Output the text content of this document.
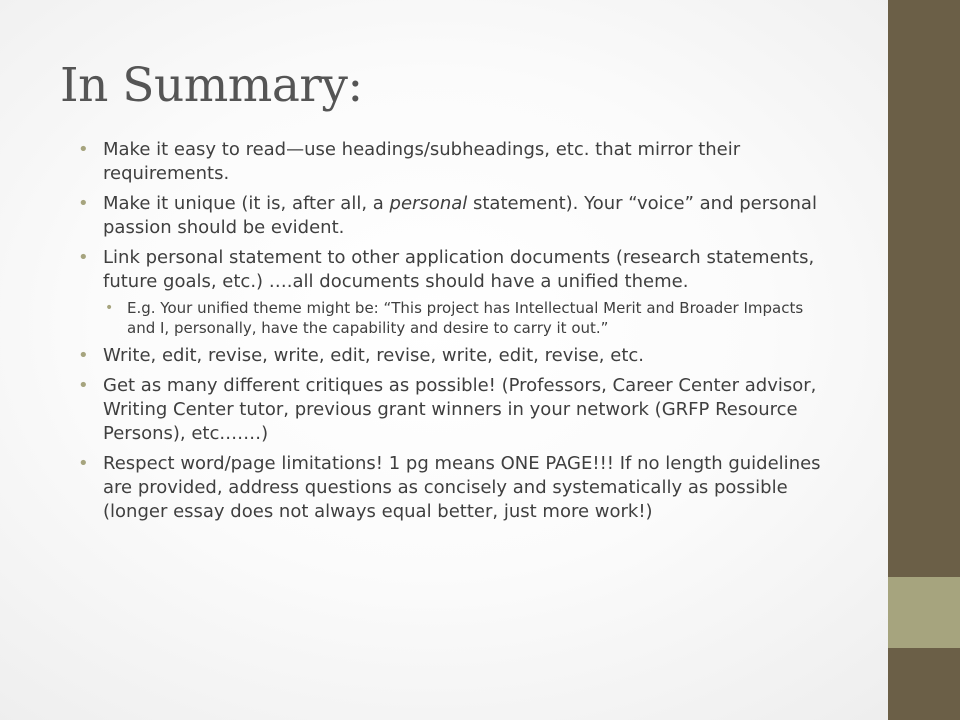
In Summary:
• Make it easy to read—use headings/subheadings, etc. that mirror their requirements.
• Make it unique (it is, after all, a personal statement). Your “voice” and personal passion should be evident.
• Link personal statement to other application documents (research statements, future goals, etc.) ….all documents should have a unified theme.
• E.g. Your unified theme might be: “This project has Intellectual Merit and Broader Impacts and I, personally, have the capability and desire to carry it out.”
• Write, edit, revise, write, edit, revise, write, edit, revise, etc.
• Get as many different critiques as possible! (Professors, Career Center advisor, Writing Center tutor, previous grant winners in your network (GRFP Resource Persons), etc.……)
• Respect word/page limitations! 1 pg means ONE PAGE!!! If no length guidelines are provided, address questions as concisely and systematically as possible (longer essay does not always equal better, just more work!)
